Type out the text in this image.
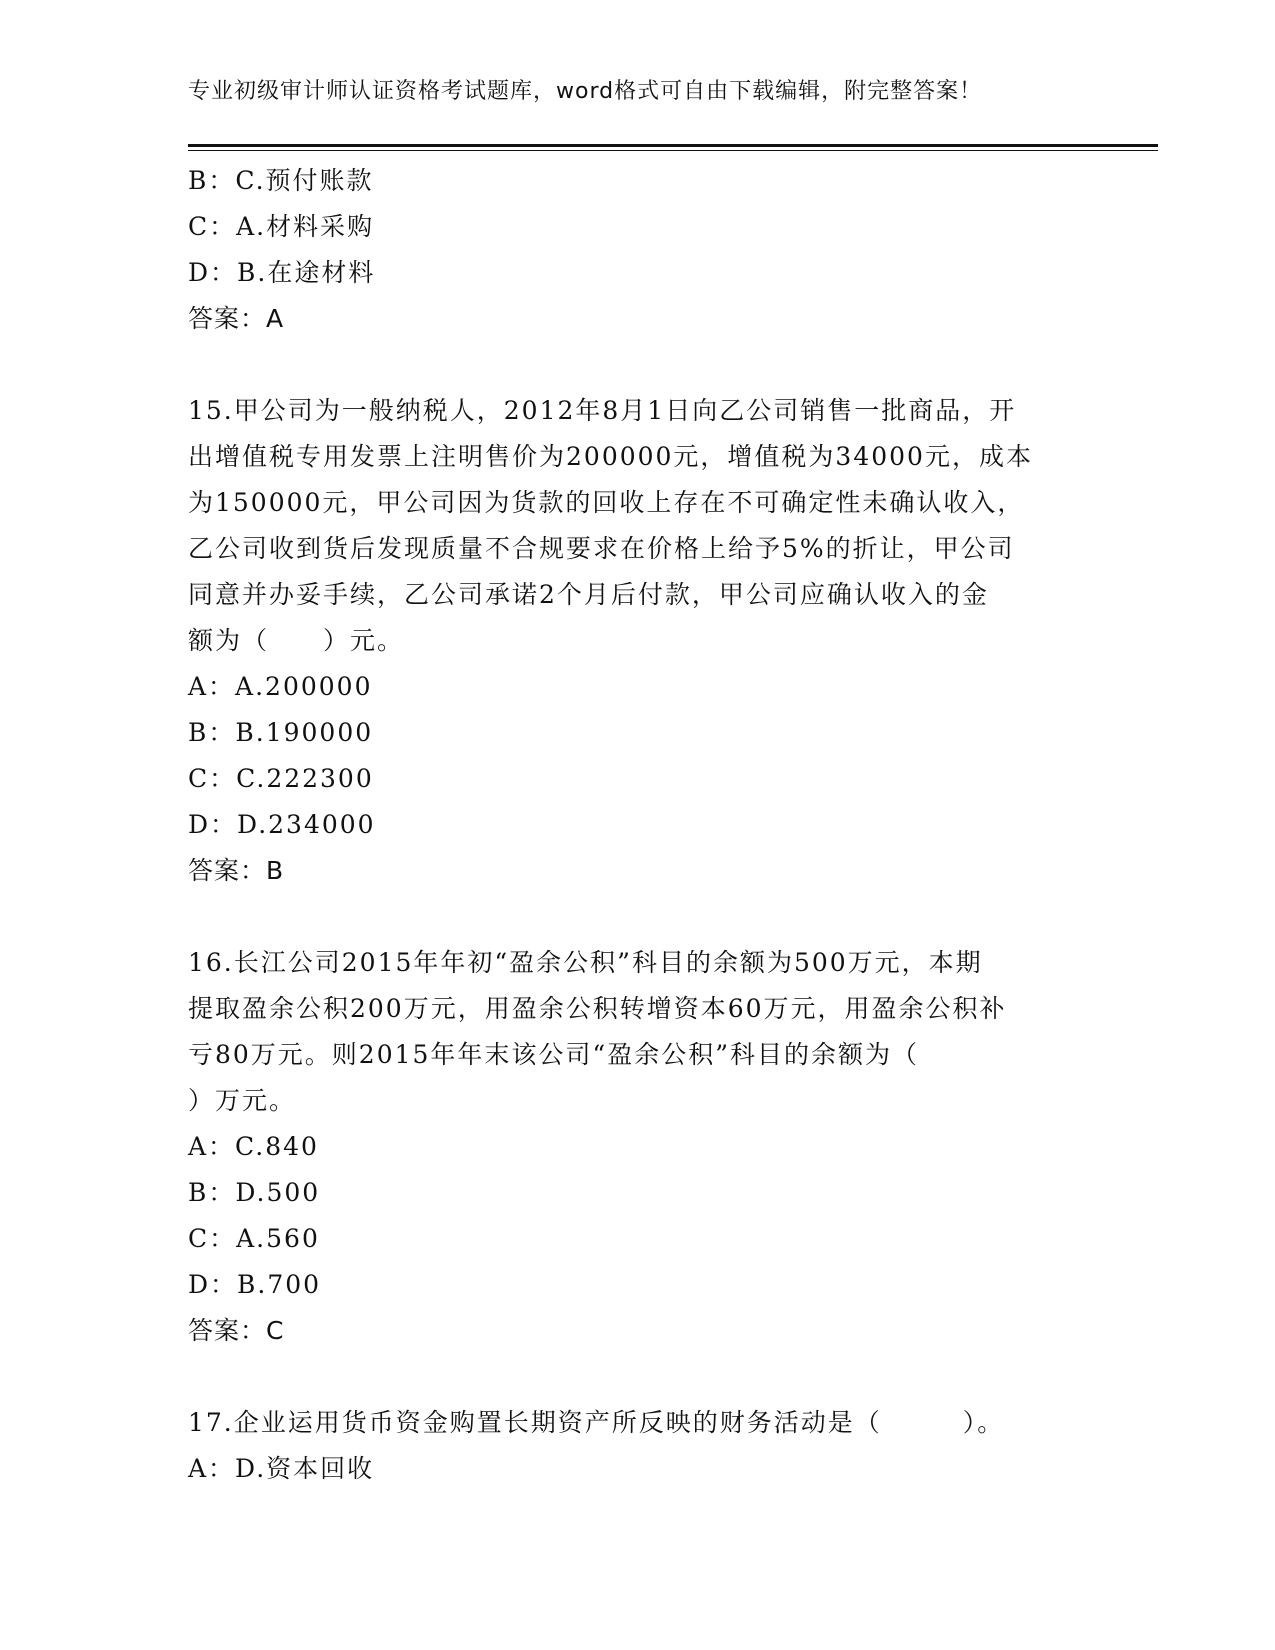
专业初级审计师认证资格考试题库，word格式可自由下载编辑，附完整答案！
B：C.预付账款
C：A.材料采购
D：B.在途材料
答案：A
15.甲公司为一般纳税人，2012年8月1日向乙公司销售一批商品，开
出增值税专用发票上注明售价为200000元，增值税为34000元，成本
为150000元，甲公司因为货款的回收上存在不可确定性未确认收入，
乙公司收到货后发现质量不合规要求在价格上给予5%的折让，甲公司
同意并办妥手续，乙公司承诺2个月后付款，甲公司应确认收入的金
额为（　　）元。
A：A.200000
B：B.190000
C：C.222300
D：D.234000
答案：B
16.长江公司2015年年初“盈余公积”科目的余额为500万元，本期
提取盈余公积200万元，用盈余公积转增资本60万元，用盈余公积补
亏80万元。则2015年年末该公司“盈余公积”科目的余额为（
）万元。
A：C.840
B：D.500
C：A.560
D：B.700
答案：C
17.企业运用货币资金购置长期资产所反映的财务活动是（　　　）。
A：D.资本回收
